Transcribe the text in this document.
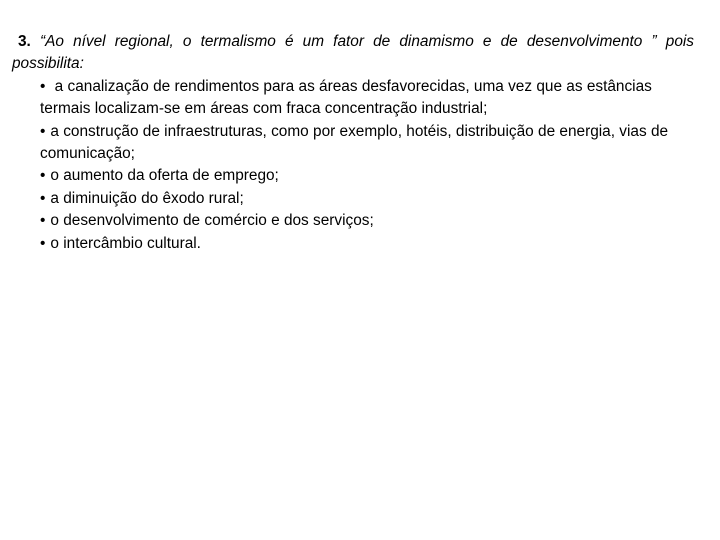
3. “Ao nível regional, o termalismo é um fator de dinamismo e de desenvolvimento ” pois possibilita:

• a canalização de rendimentos para as áreas desfavorecidas, uma vez que as estâncias termais localizam-se em áreas com fraca concentração industrial;
• a construção de infraestruturas, como por exemplo, hotéis, distribuição de energia, vias de comunicação;
• o aumento da oferta de emprego;
• a diminuição do êxodo rural;
• o desenvolvimento de comércio e dos serviços;
• o intercâmbio cultural.
